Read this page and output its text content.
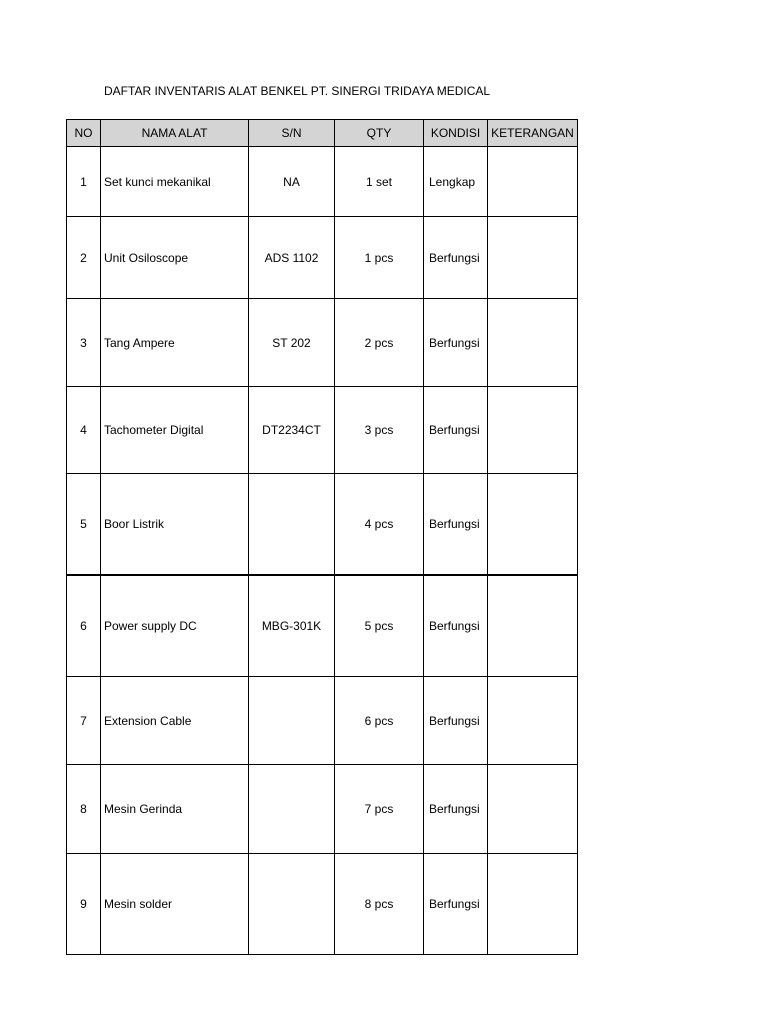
DAFTAR INVENTARIS ALAT BENKEL PT. SINERGI TRIDAYA MEDICAL
NO	NAMA ALAT	S/N	QTY	KONDISI	KETERANGAN
1	Set kunci mekanikal	NA	1 set	Lengkap	
2	Unit Osiloscope	ADS 1102	1 pcs	Berfungsi	
3	Tang Ampere	ST 202	2 pcs	Berfungsi	
4	Tachometer Digital	DT2234CT	3 pcs	Berfungsi	
5	Boor Listrik		4 pcs	Berfungsi	
6	Power supply DC	MBG-301K	5 pcs	Berfungsi	
7	Extension Cable		6 pcs	Berfungsi	
8	Mesin Gerinda		7 pcs	Berfungsi	
9	Mesin solder		8 pcs	Berfungsi	
